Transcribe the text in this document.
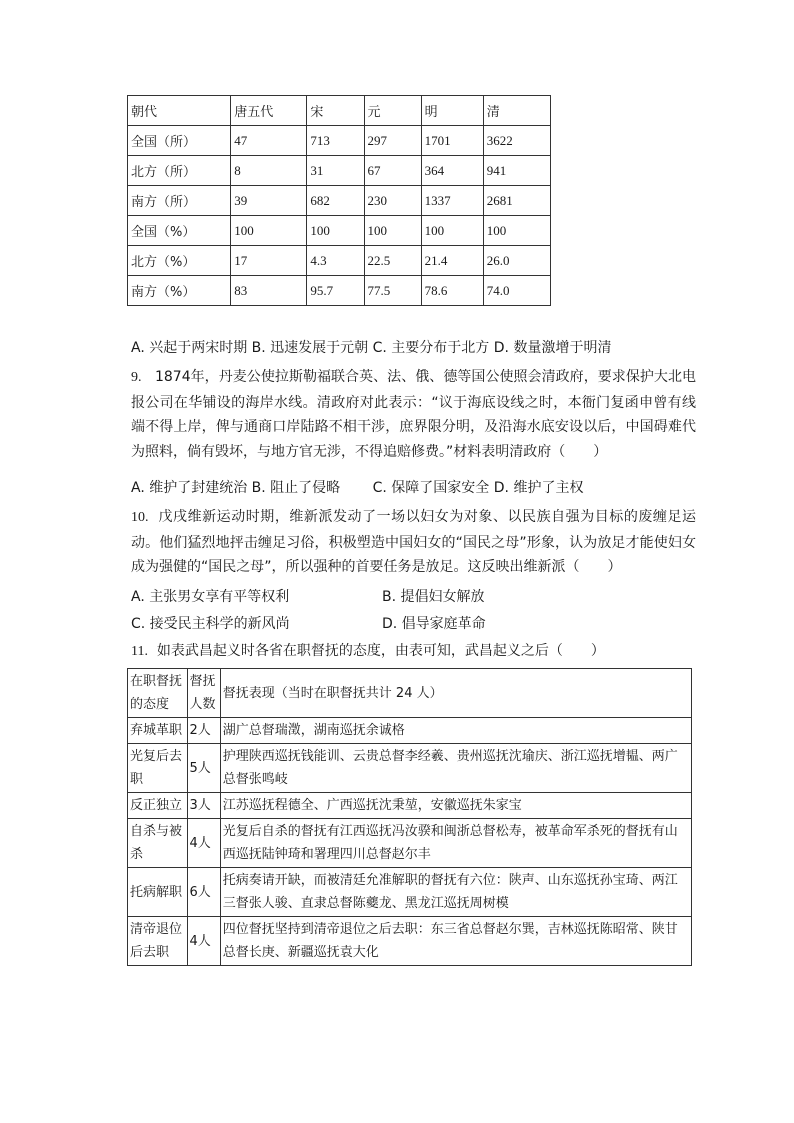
朝代	唐五代	宋	元	明	清
全国（所）	47	713	297	1701	3622
北方（所）	8	31	67	364	941
南方（所）	39	682	230	1337	2681
全国（%）	100	100	100	100	100
北方（%）	17	4.3	22.5	21.4	26.0
南方（%）	83	95.7	77.5	78.6	74.0
A. 兴起于两宋时期 B. 迅速发展于元朝 C. 主要分布于北方 D. 数量激增于明清

9. 1874年，丹麦公使拉斯勒福联合英、法、俄、德等国公使照会清政府，要求保护大北电报公司在华铺设的海岸水线。清政府对此表示：“议于海底设线之时，本衙门复函申曾有线端不得上岸，俾与通商口岸陆路不相干涉，庶界限分明，及沿海水底安设以后，中国碍难代为照料，倘有毁坏，与地方官无涉，不得追赔修费。”材料表明清政府（　　）

A. 维护了封建统治 B. 阻止了侵略　　 C. 保障了国家安全 D. 维护了主权

10. 戊戌维新运动时期，维新派发动了一场以妇女为对象、以民族自强为目标的废缠足运动。他们猛烈地抨击缠足习俗，积极塑造中国妇女的“国民之母”形象，认为放足才能使妇女成为强健的“国民之母”，所以强种的首要任务是放足。这反映出维新派（　　）

A. 主张男女享有平等权利	B. 提倡妇女解放
C. 接受民主科学的新风尚	D. 倡导家庭革命
11. 如表武昌起义时各省在职督抚的态度，由表可知，武昌起义之后（　　）
在职督抚的态度	督抚人数	督抚表现（当时在职督抚共计 24 人）
弃城革职	2人	湖广总督瑞澂，湖南巡抚余诚格
光复后去职	5人	护理陕西巡抚钱能训、云贵总督李经羲、贵州巡抚沈瑜庆、浙江巡抚增韫、两广总督张鸣岐
反正独立	3人	江苏巡抚程德全、广西巡抚沈秉堃，安徽巡抚朱家宝
自杀与被杀	4人	光复后自杀的督抚有江西巡抚冯汝骙和闽浙总督松寿，被革命军杀死的督抚有山西巡抚陆钟琦和署理四川总督赵尔丰
托病解职	6人	托病奏请开缺，而被清廷允准解职的督抚有六位：陕声、山东巡抚孙宝琦、两江三督张人骏、直隶总督陈夔龙、黑龙江巡抚周树模
清帝退位后去职	4人	四位督抚坚持到清帝退位之后去职：东三省总督赵尔巽，吉林巡抚陈昭常、陕甘总督长庚、新疆巡抚袁大化
